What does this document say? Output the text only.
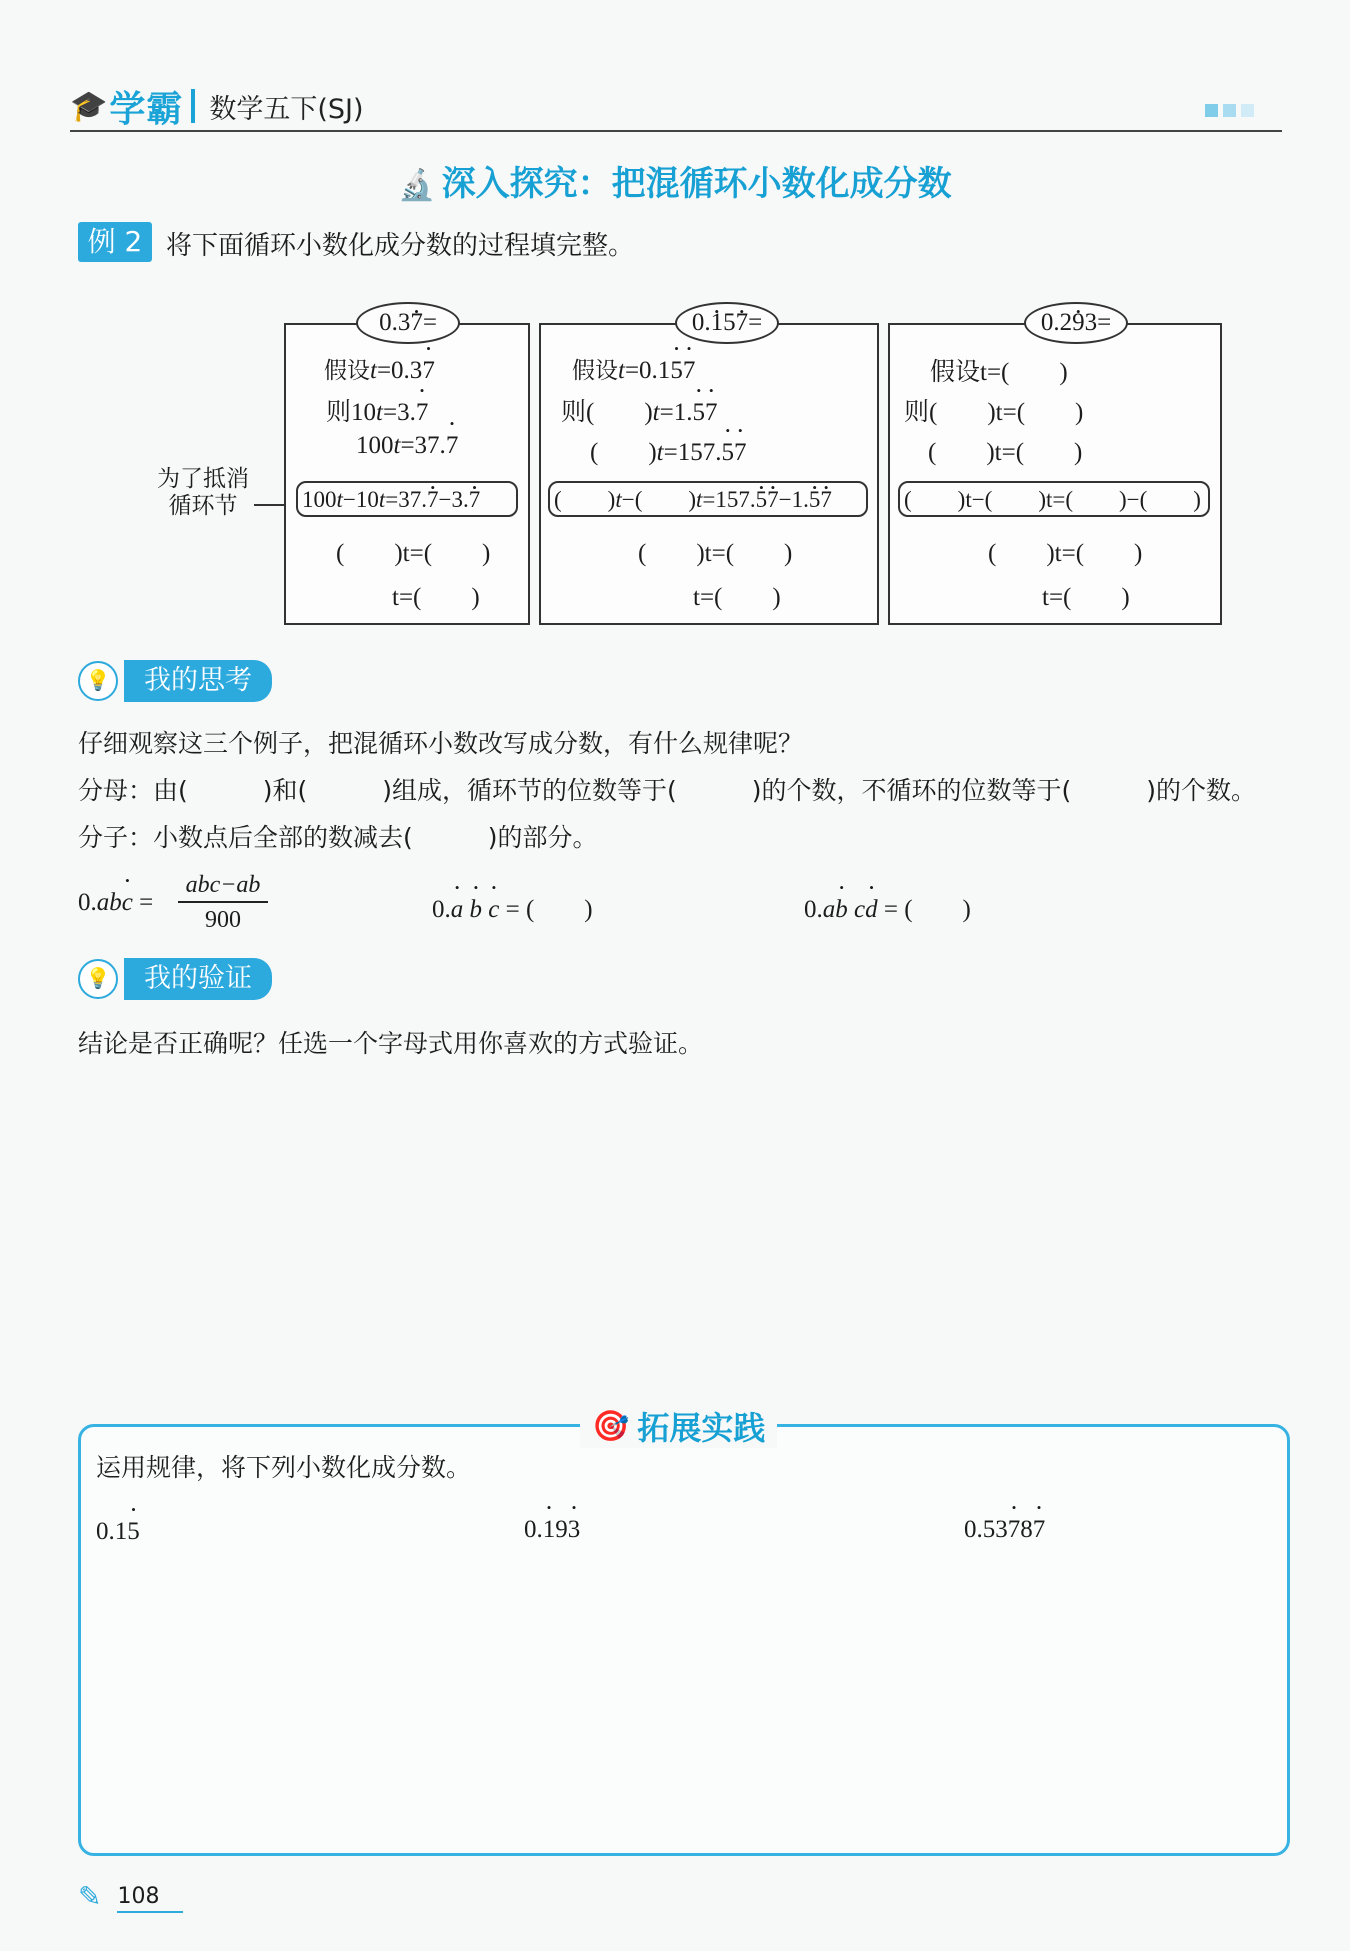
🎓 学霸 数学五下(SJ)
🔬 深入探究：把混循环小数化成分数
例 2 将下面循环小数化成分数的过程填完整。
为了抵消
循环节
0.37 •=
假设t=0.37 •
则10t=3.7 •
100t=37.7 •
100t−10t=37.7 •−3.7 •
(　　)t=(　　)
t=(　　)
0.1 •57 •=
假设t=0.15 •7 •
则(　　)t=1.5 •7 •
(　　)t=157.5 •7 •
(　　)t−(　　)t=157.5 •7 •−1.5 •7 •
(　　)t=(　　)
t=(　　)
0.29 •3=
假设t=(　　)
则(　　)t=(　　)
(　　)t=(　　)
(　　)t−(　　)t=(　　)−(　　)
(　　)t=(　　)
t=(　　)
💡	我的思考
仔细观察这三个例子，把混循环小数改写成分数，有什么规律呢？
分母：由(　　　)和(　　　)组成，循环节的位数等于(　　　)的个数，不循环的位数等于(　　　)的个数。
分子：小数点后全部的数减去(　　　)的部分。
0.abc • =
abc−ab
900	0.a • b • c • = (　　)	0.ab • cd • = (　　)
💡	我的验证
结论是否正确呢？任选一个字母式用你喜欢的方式验证。
🎯 拓展实践
运用规律，将下列小数化成分数。
0.15 •	0.1 •93 •	0.537 •87 •
✎ 108
